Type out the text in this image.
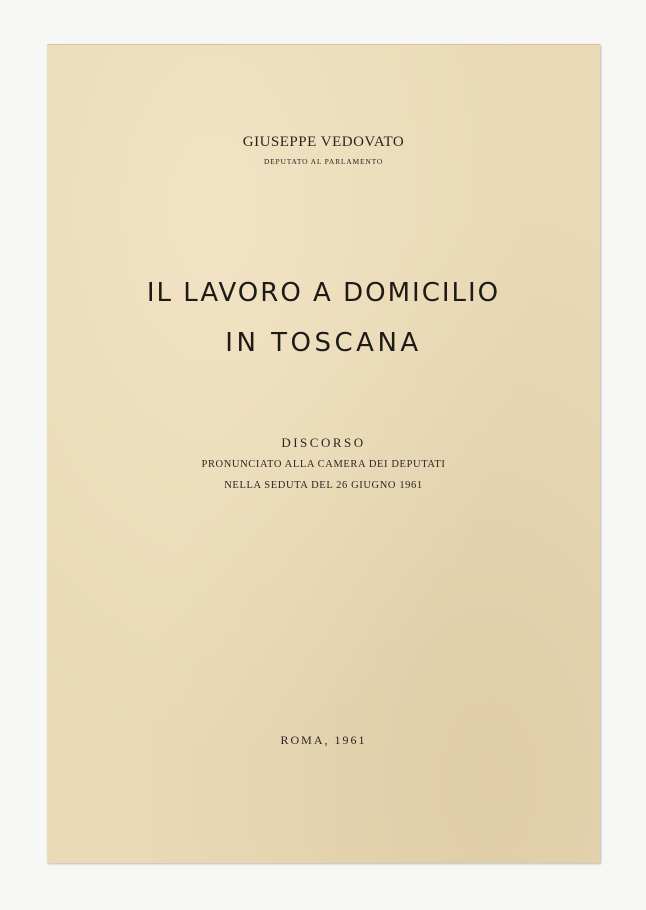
GIUSEPPE VEDOVATO
DEPUTATO AL PARLAMENTO
IL LAVORO A DOMICILIO
IN TOSCANA
DISCORSO
PRONUNCIATO ALLA CAMERA DEI DEPUTATI
NELLA SEDUTA DEL 26 GIUGNO 1961
ROMA, 1961
